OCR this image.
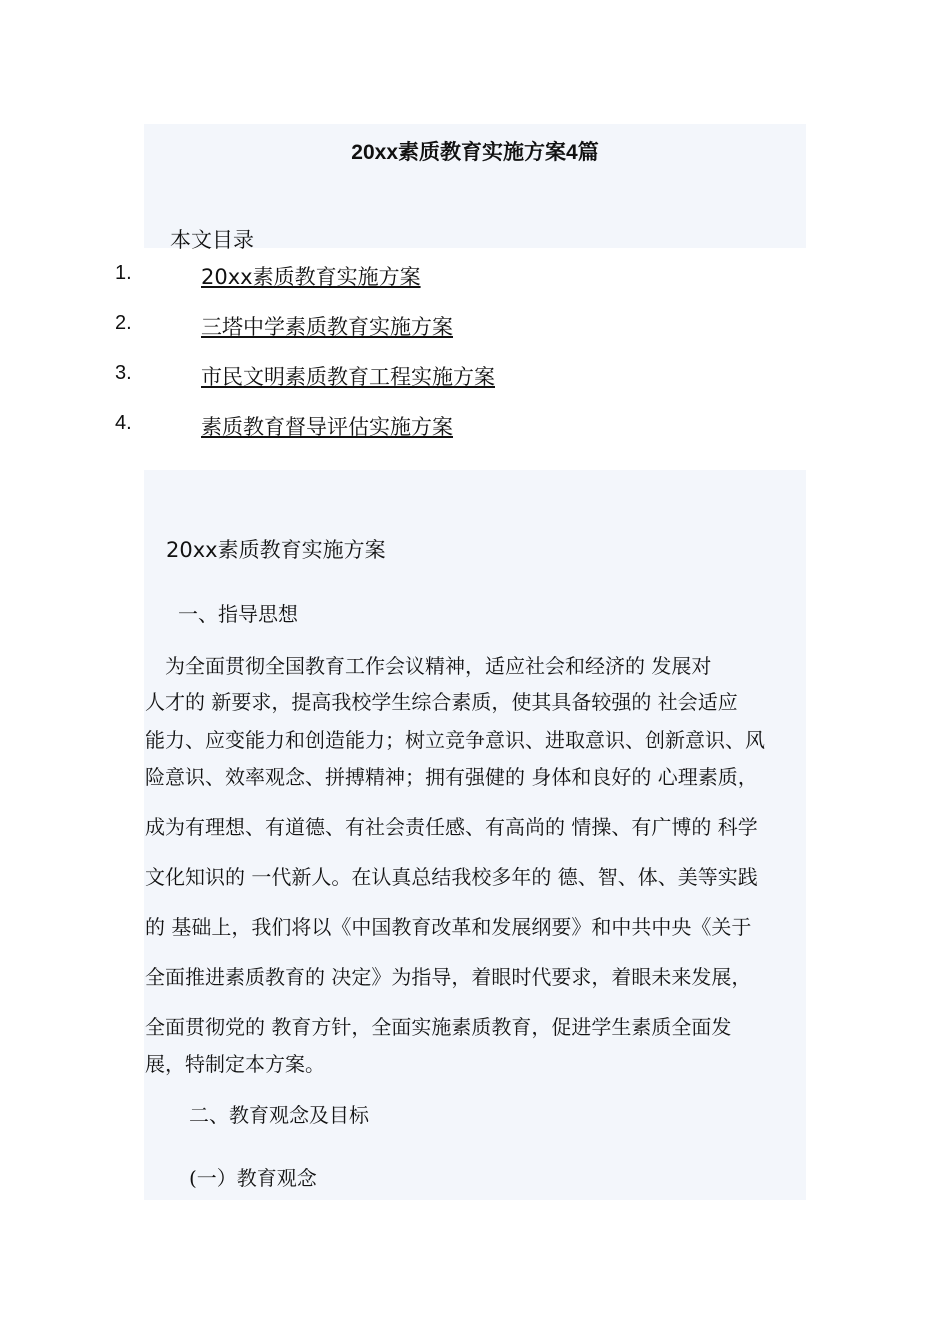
20xx素质教育实施方案4篇
本文目录
1.	20xx素质教育实施方案
2.	三塔中学素质教育实施方案
3.	市民文明素质教育工程实施方案
4.	素质教育督导评估实施方案
20xx素质教育实施方案
一、指导思想
　为全面贯彻全国教育工作会议精神，适应社会和经济的 发展对
人才的 新要求，提高我校学生综合素质，使其具备较强的 社会适应
能力、应变能力和创造能力；树立竞争意识、进取意识、创新意识、风
险意识、效率观念、拼搏精神；拥有强健的 身体和良好的 心理素质，
成为有理想、有道德、有社会责任感、有高尚的 情操、有广博的 科学
文化知识的 一代新人。在认真总结我校多年的 德、智、体、美等实践
的 基础上，我们将以《中国教育改革和发展纲要》和中共中央《关于
全面推进素质教育的 决定》为指导，着眼时代要求，着眼未来发展，
全面贯彻党的 教育方针，全面实施素质教育，促进学生素质全面发
展，特制定本方案。
二、教育观念及目标
(一）教育观念
